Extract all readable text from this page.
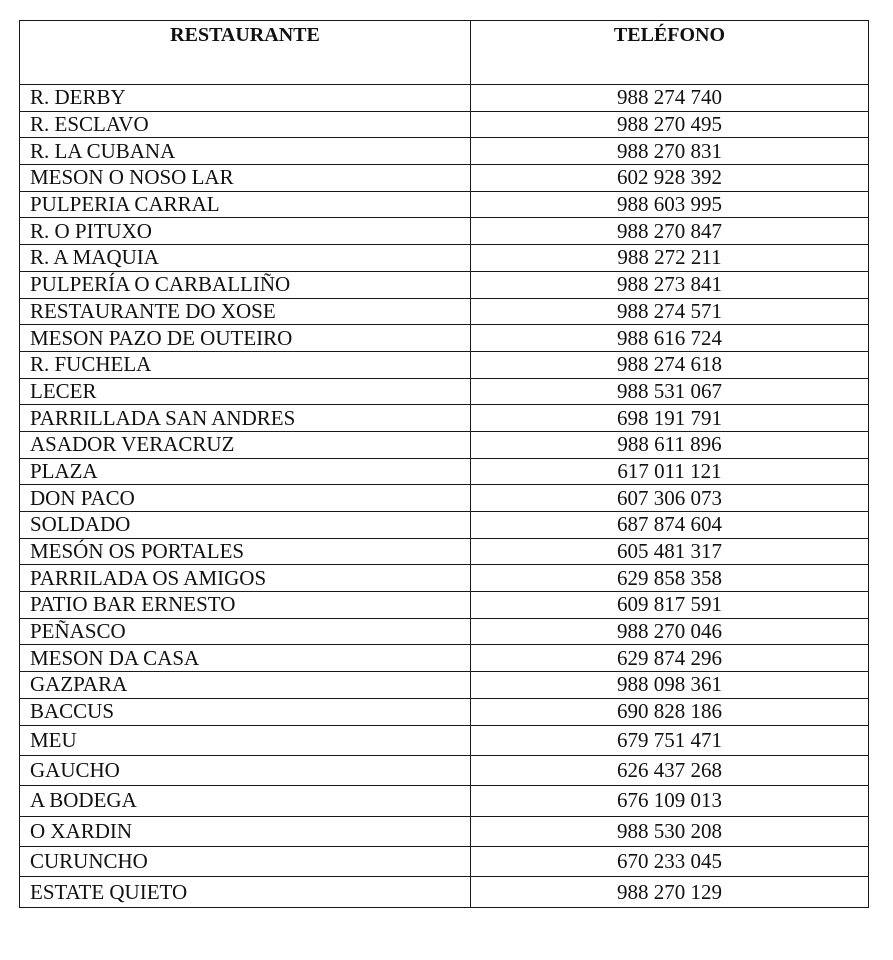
RESTAURANTE	TELÉFONO
R. DERBY	988 274 740
R. ESCLAVO	988 270 495
R. LA CUBANA	988 270 831
MESON O NOSO LAR	602 928 392
PULPERIA CARRAL	988 603 995
R. O PITUXO	988 270 847
R. A MAQUIA	988 272 211
PULPERÍA O CARBALLIÑO	988 273 841
RESTAURANTE DO XOSE	988 274 571
MESON PAZO DE OUTEIRO	988 616 724
R. FUCHELA	988 274 618
LECER	988 531 067
PARRILLADA SAN ANDRES	698 191 791
ASADOR VERACRUZ	988 611 896
PLAZA	617 011 121
DON PACO	607 306 073
SOLDADO	687 874 604
MESÓN OS PORTALES	605 481 317
PARRILADA OS AMIGOS	629 858 358
PATIO BAR ERNESTO	609 817 591
PEÑASCO	988 270 046
MESON DA CASA	629 874 296
GAZPARA	988 098 361
BACCUS	690 828 186
MEU	679 751 471
GAUCHO	626 437 268
A BODEGA	676 109 013
O XARDIN	988 530 208
CURUNCHO	670 233 045
ESTATE QUIETO	988 270 129
